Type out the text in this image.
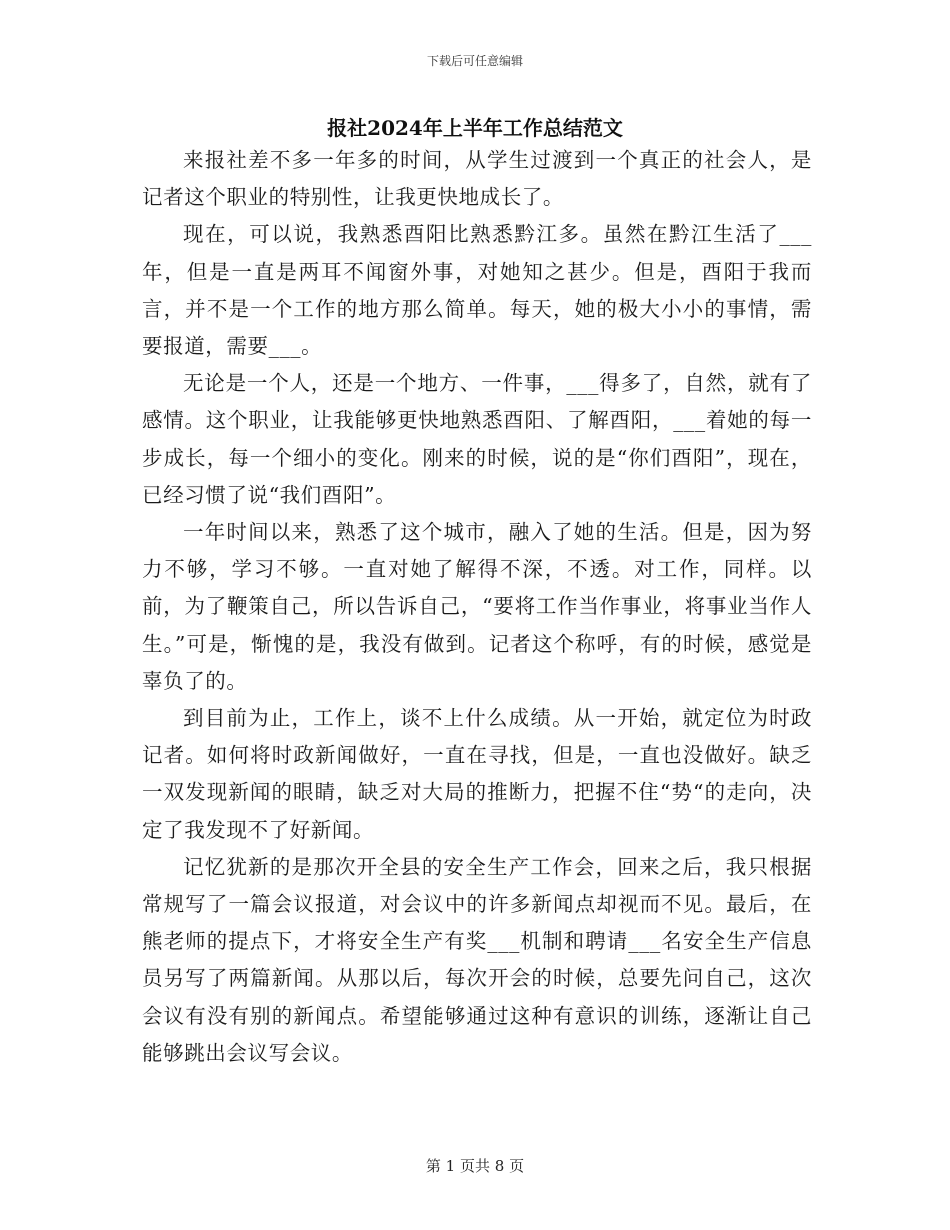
下载后可任意编辑
报社2024年上半年工作总结范文

来报社差不多一年多的时间，从学生过渡到一个真正的社会人，是记者这个职业的特别性，让我更快地成长了。

现在，可以说，我熟悉酉阳比熟悉黔江多。虽然在黔江生活了___年，但是一直是两耳不闻窗外事，对她知之甚少。但是，酉阳于我而言，并不是一个工作的地方那么简单。每天，她的极大小小的事情，需要报道，需要___。

无论是一个人，还是一个地方、一件事，___得多了，自然，就有了感情。这个职业，让我能够更快地熟悉酉阳、了解酉阳，___着她的每一步成长，每一个细小的变化。刚来的时候，说的是“你们酉阳”，现在，已经习惯了说“我们酉阳”。

一年时间以来，熟悉了这个城市，融入了她的生活。但是，因为努力不够，学习不够。一直对她了解得不深，不透。对工作，同样。以前，为了鞭策自己，所以告诉自己，“要将工作当作事业，将事业当作人生。”可是，惭愧的是，我没有做到。记者这个称呼，有的时候，感觉是辜负了的。

到目前为止，工作上，谈不上什么成绩。从一开始，就定位为时政记者。如何将时政新闻做好，一直在寻找，但是，一直也没做好。缺乏一双发现新闻的眼睛，缺乏对大局的推断力，把握不住“势“的走向，决定了我发现不了好新闻。

记忆犹新的是那次开全县的安全生产工作会，回来之后，我只根据常规写了一篇会议报道，对会议中的许多新闻点却视而不见。最后，在熊老师的提点下，才将安全生产有奖___机制和聘请___名安全生产信息员另写了两篇新闻。从那以后，每次开会的时候，总要先问自己，这次会议有没有别的新闻点。希望能够通过这种有意识的训练，逐渐让自己能够跳出会议写会议。

第 1 页共 8 页
